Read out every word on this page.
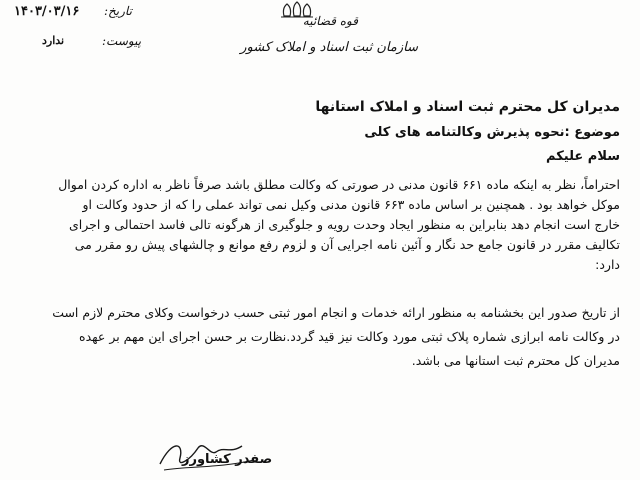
۱۴۰۳/۰۳/۱۶ تاریخ:
ندارد	پیوست:
قوه قضائیه
سازمان ثبت اسناد و املاک کشور
مدیران کل محترم ثبت اسناد و املاک استانها
موضوع :نحوه پذیرش وکالتنامه های کلی
سلام علیکم
احتراماً، نظر به اینکه ماده ۶۶۱ قانون مدنی در صورتی که وکالت مطلق باشد صرفاً ناظر به اداره کردن اموال
موکل خواهد بود . همچنین بر اساس ماده ۶۶۳ قانون مدنی وکیل نمی تواند عملی را که از حدود وکالت او
خارج است انجام دهد بنابراین به منظور ایجاد وحدت رویه و جلوگیری از هرگونه تالی فاسد احتمالی و اجرای
تکالیف مقرر در قانون جامع حد نگار و آئین نامه اجرایی آن و لزوم رفع موانع و چالشهای پیش رو مقرر می
دارد:
از تاریخ صدور این بخشنامه به منظور ارائه خدمات و انجام امور ثبتی حسب درخواست وکلای محترم لازم است
در وکالت نامه ابرازی شماره پلاک ثبتی مورد وکالت نیز قید گردد.نظارت بر حسن اجرای این مهم بر عهده
مدیران کل محترم ثبت استانها می باشد.
صفدر کشاورز
